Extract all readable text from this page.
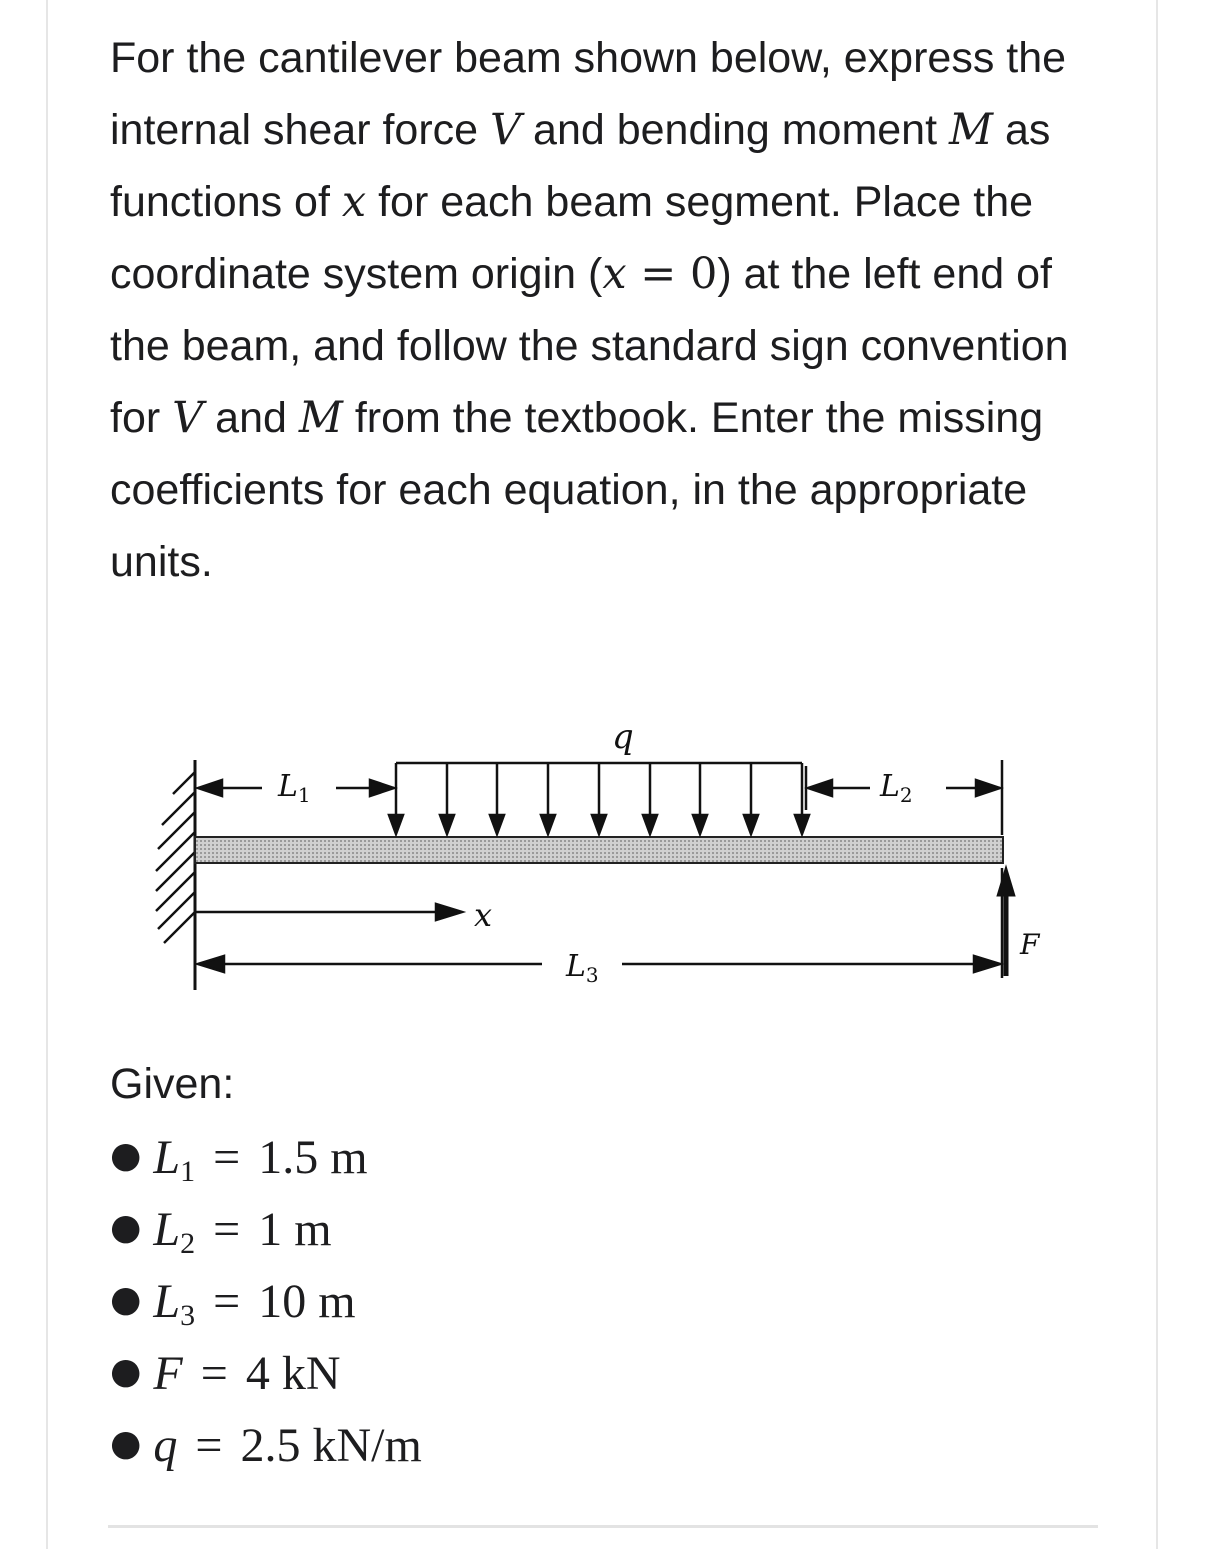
For the cantilever beam shown below, express the internal shear force V and bending moment M as functions of x for each beam segment. Place the coordinate system origin (x = 0) at the left end of the beam, and follow the standard sign convention for V and M from the textbook. Enter the missing coefficients for each equation, in the appropriate units.

q
$L_1$	$L_2$
x
$L_3$
F

Given:

● $L_1 = 1.5$ m
● $L_2 = 1$ m
● $L_3 = 10$ m
● F = 4 kN
● q = 2.5 kN/m
